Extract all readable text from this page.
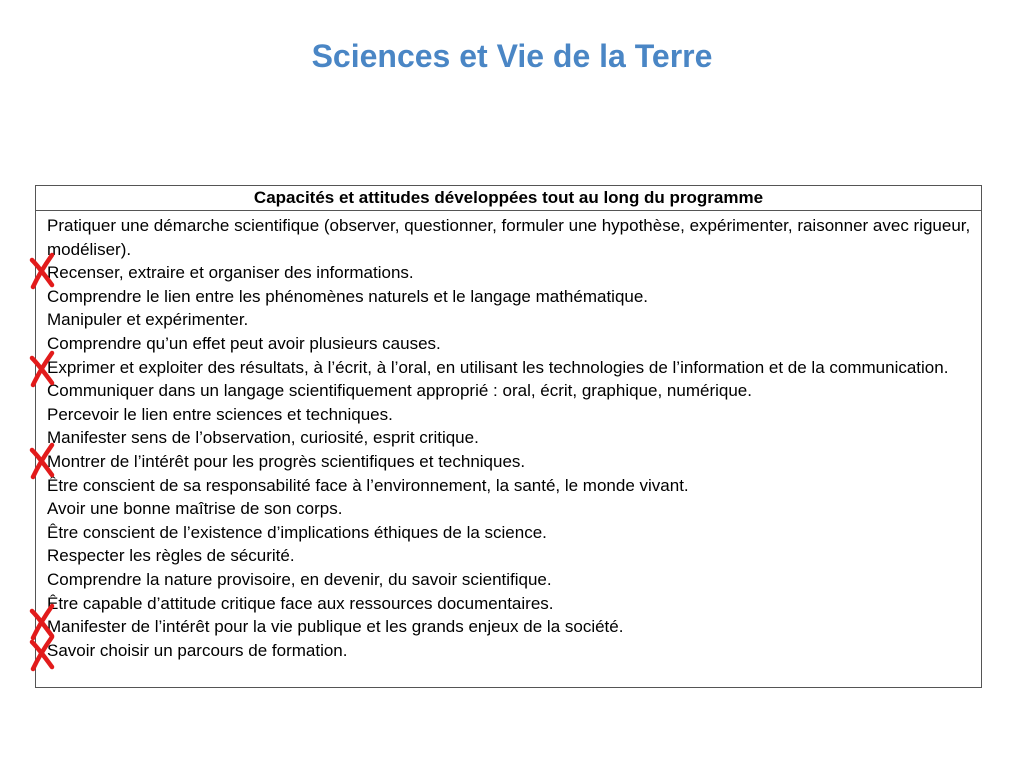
Sciences et Vie de la Terre
Capacités et attitudes développées tout au long du programme

Pratiquer une démarche scientifique (observer, questionner, formuler une hypothèse, expérimenter, raisonner avec rigueur, modéliser).

Recenser, extraire et organiser des informations.

Comprendre le lien entre les phénomènes naturels et le langage mathématique.

Manipuler et expérimenter.

Comprendre qu’un effet peut avoir plusieurs causes.

Exprimer et exploiter des résultats, à l’écrit, à l’oral, en utilisant les technologies de l’information et de la communication.

Communiquer dans un langage scientifiquement approprié : oral, écrit, graphique, numérique.

Percevoir le lien entre sciences et techniques.

Manifester sens de l’observation, curiosité, esprit critique.

Montrer de l’intérêt pour les progrès scientifiques et techniques.

Être conscient de sa responsabilité face à l’environnement, la santé, le monde vivant.

Avoir une bonne maîtrise de son corps.

Être conscient de l’existence d’implications éthiques de la science.

Respecter les règles de sécurité.

Comprendre la nature provisoire, en devenir, du savoir scientifique.

Être capable d’attitude critique face aux ressources documentaires.

Manifester de l’intérêt pour la vie publique et les grands enjeux de la société.

Savoir choisir un parcours de formation.
